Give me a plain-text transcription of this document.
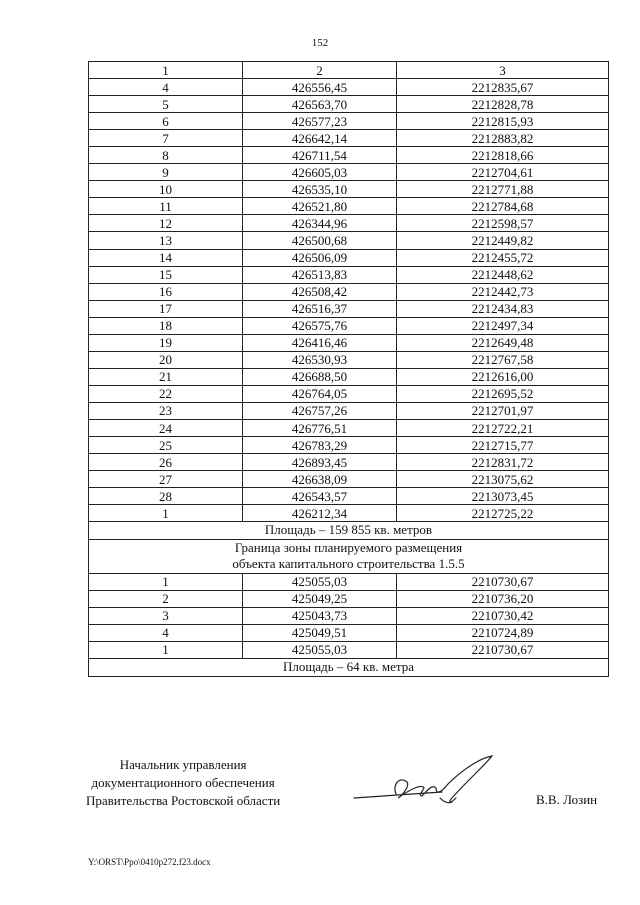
152
1	2	3
4	426556,45	2212835,67
5	426563,70	2212828,78
6	426577,23	2212815,93
7	426642,14	2212883,82
8	426711,54	2212818,66
9	426605,03	2212704,61
10	426535,10	2212771,88
11	426521,80	2212784,68
12	426344,96	2212598,57
13	426500,68	2212449,82
14	426506,09	2212455,72
15	426513,83	2212448,62
16	426508,42	2212442,73
17	426516,37	2212434,83
18	426575,76	2212497,34
19	426416,46	2212649,48
20	426530,93	2212767,58
21	426688,50	2212616,00
22	426764,05	2212695,52
23	426757,26	2212701,97
24	426776,51	2212722,21
25	426783,29	2212715,77
26	426893,45	2212831,72
27	426638,09	2213075,62
28	426543,57	2213073,45
1	426212,34	2212725,22

Площадь – 159 855 кв. метров		

Граница зоны планируемого размещения
объекта капитального строительства 1.5.5		

1	425055,03	2210730,67
2	425049,25	2210736,20
3	425043,73	2210730,42
4	425049,51	2210724,89
1	425055,03	2210730,67

Площадь – 64 кв. метра		
Начальник управления
документационного обеспечения
Правительства Ростовской области	В.В. Лозин
Y:\ORST\Ppo\0410p272.f23.docx
